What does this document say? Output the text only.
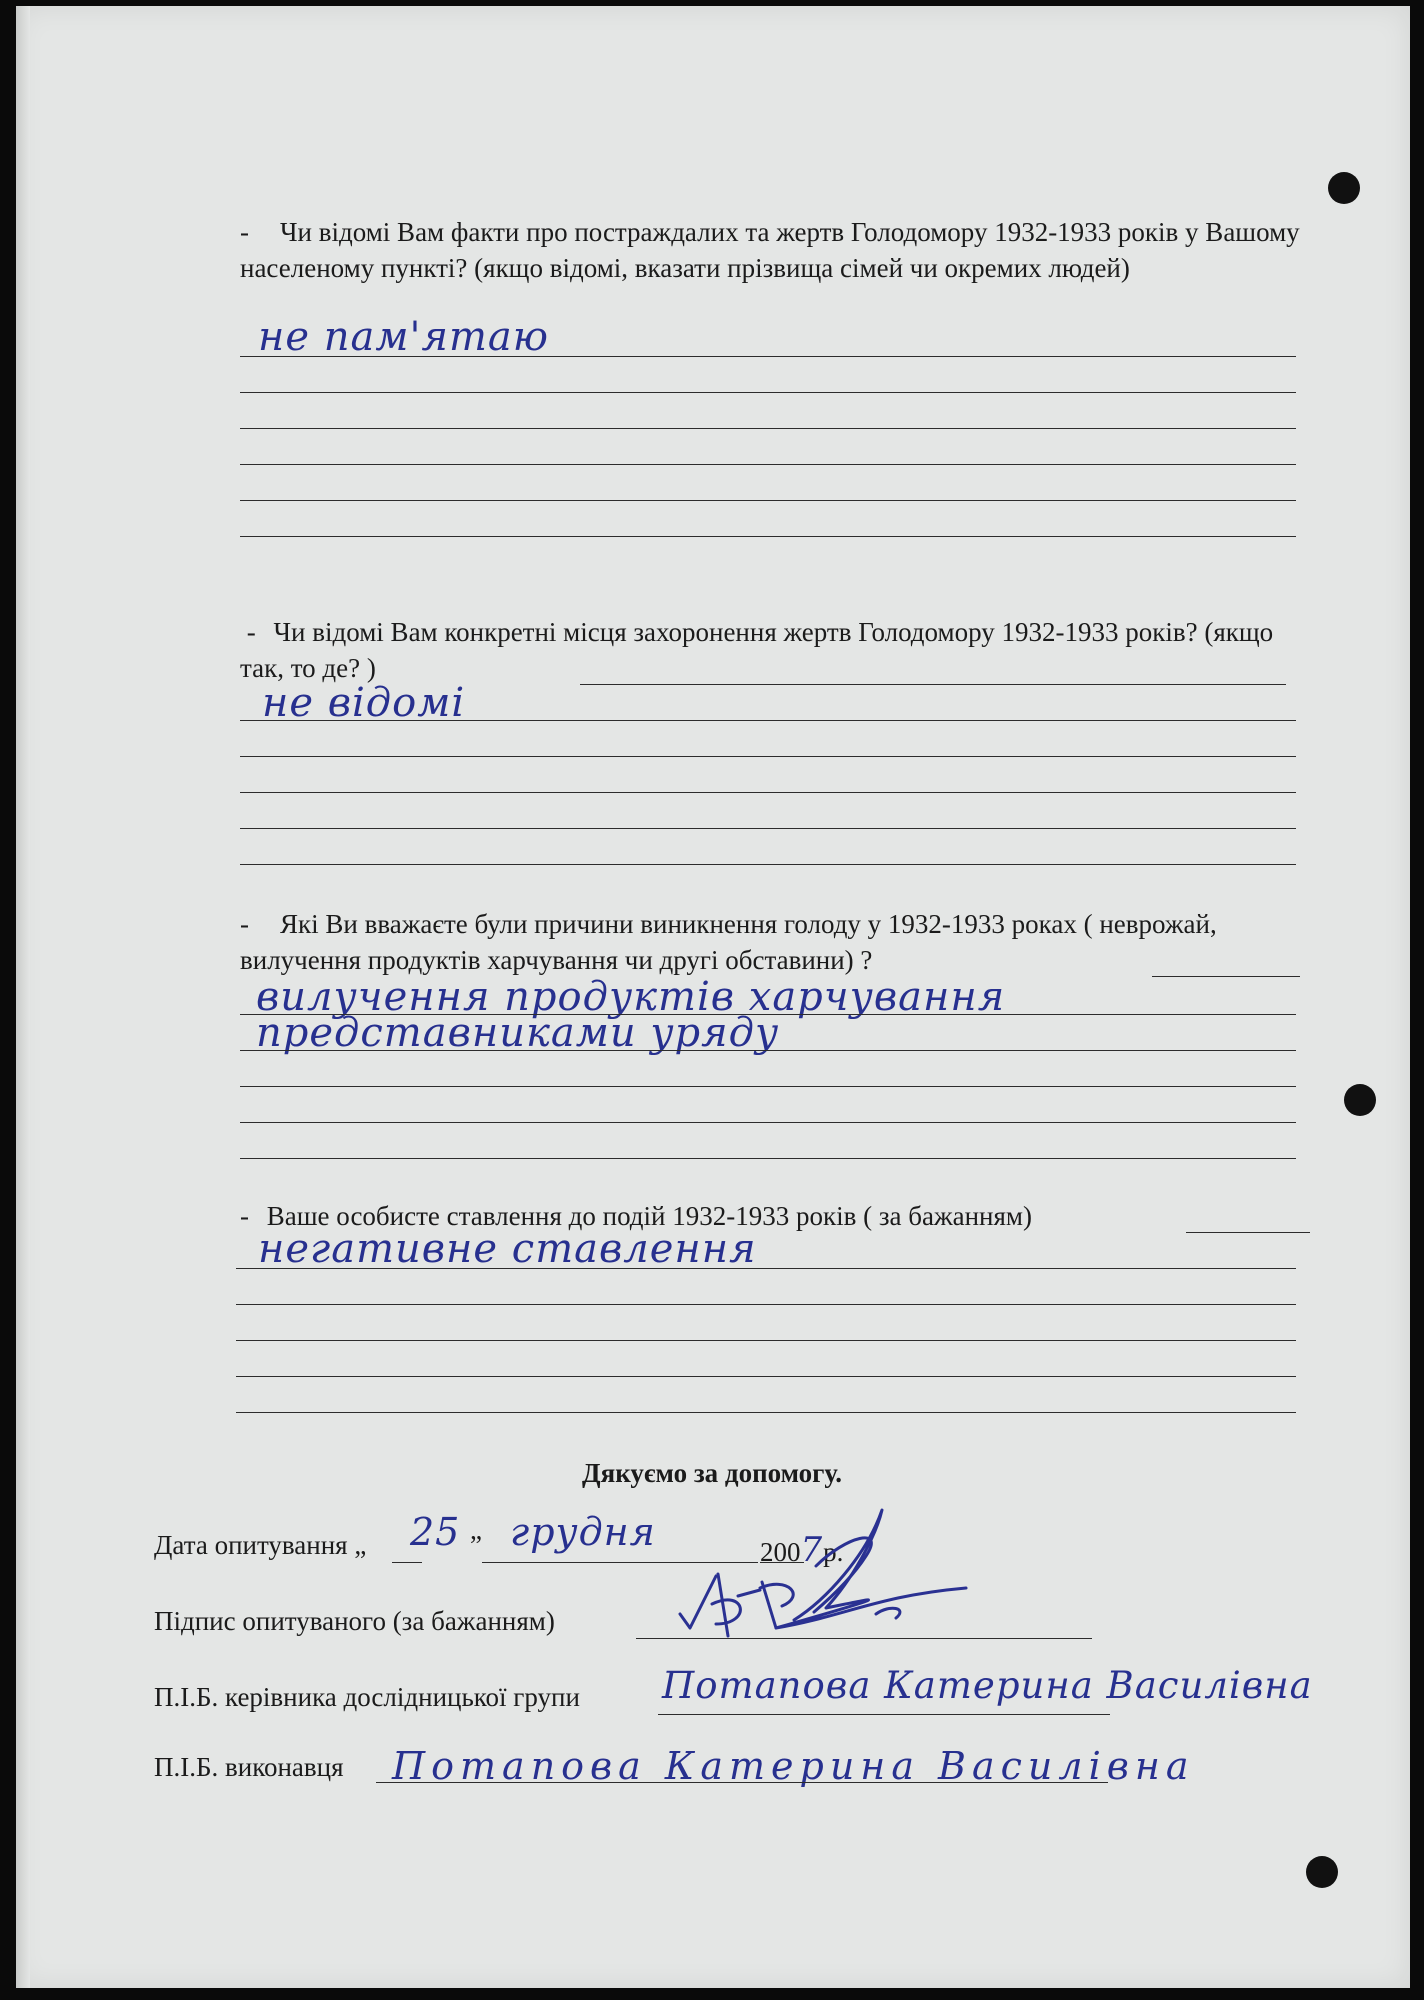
- Чи відомі Вам факти про постраждалих та жертв Голодомору 1932-1933 років у Вашому населеному пункті? (якщо відомі, вказати прізвища сімей чи окремих людей)
не пам'ятаю
- Чи відомі Вам конкретні місця захоронення жертв Голодомору 1932-1933 років? (якщо так, то де? )
не відомі
- Які Ви вважаєте були причини виникнення голоду у 1932-1933 роках ( неврожай, вилучення продуктів харчування чи другі обставини) ?
вилучення продуктів харчування
представниками уряду
- Ваше особисте ставлення до подій 1932-1933 років ( за бажанням)
негативне ставлення
Дякуємо за допомогу.
Дата опитування „ 25 ” грудня	2007р.
Підпис опитуваного (за бажанням)
П.І.Б. керівника дослідницької групи Потапова Катерина Василівна
П.І.Б. виконавця Потапова Катерина Василівна
